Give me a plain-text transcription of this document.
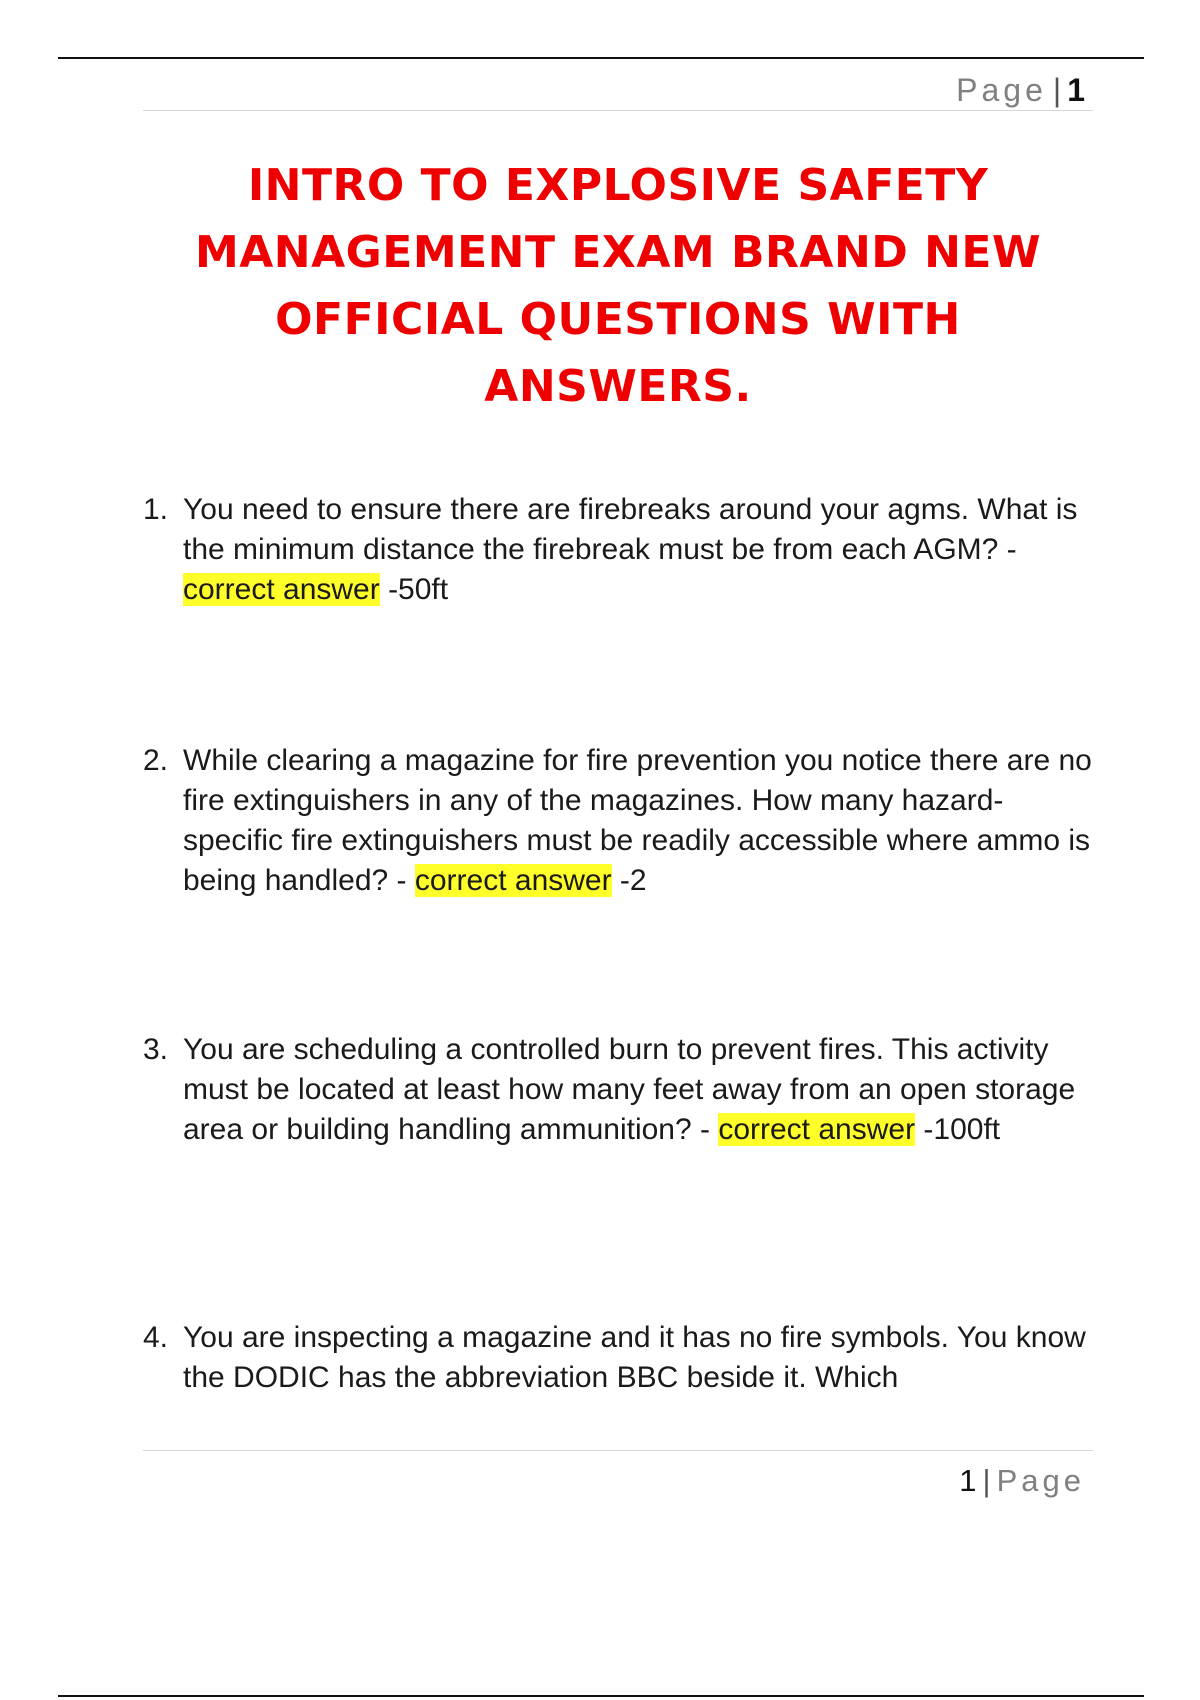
Page | 1
INTRO TO EXPLOSIVE SAFETY MANAGEMENT EXAM BRAND NEW OFFICIAL QUESTIONS WITH ANSWERS.
1. You need to ensure there are firebreaks around your agms. What is the minimum distance the firebreak must be from each AGM? - correct answer -50ft
2. While clearing a magazine for fire prevention you notice there are no fire extinguishers in any of the magazines. How many hazard-specific fire extinguishers must be readily accessible where ammo is being handled? - correct answer -2
3. You are scheduling a controlled burn to prevent fires. This activity must be located at least how many feet away from an open storage area or building handling ammunition? - correct answer -100ft
4. You are inspecting a magazine and it has no fire symbols. You know the DODIC has the abbreviation BBC beside it. Which
1 | Page
